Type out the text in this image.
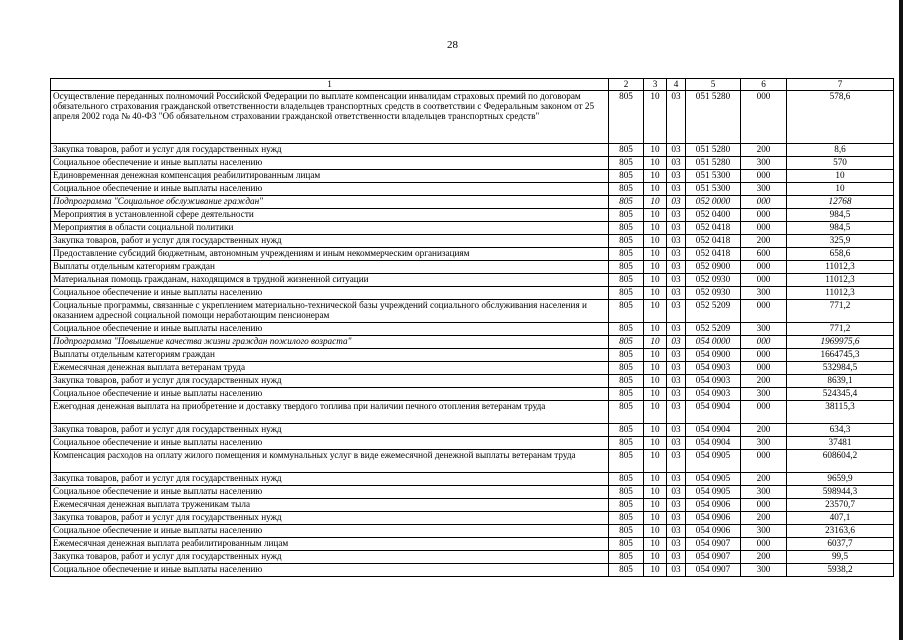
28
1	2	3	4	5	6	7
Осуществление переданных полномочий Российской Федерации по выплате компенсации инвалидам страховых премий по договорам обязательного страхования гражданской ответственности владельцев транспортных средств в соответствии с Федеральным законом от 25 апреля 2002 года № 40-ФЗ "Об обязательном страховании гражданской ответственности владельцев транспортных средств"	805	10	03	051 5280	000	578,6
Закупка товаров, работ и услуг для государственных нужд	805	10	03	051 5280	200	8,6
Социальное обеспечение и иные выплаты населению	805	10	03	051 5280	300	570
Единовременная денежная компенсация реабилитированным лицам	805	10	03	051 5300	000	10
Социальное обеспечение и иные выплаты населению	805	10	03	051 5300	300	10
Подпрограмма "Социальное обслуживание граждан"	805	10	03	052 0000	000	12768
Мероприятия в установленной сфере деятельности	805	10	03	052 0400	000	984,5
Мероприятия в области социальной политики	805	10	03	052 0418	000	984,5
Закупка товаров, работ и услуг для государственных нужд	805	10	03	052 0418	200	325,9
Предоставление субсидий бюджетным, автономным учреждениям и иным некоммерческим организациям	805	10	03	052 0418	600	658,6
Выплаты отдельным категориям граждан	805	10	03	052 0900	000	11012,3
Материальная помощь гражданам, находящимся в трудной жизненной ситуации	805	10	03	052 0930	000	11012,3
Социальное обеспечение и иные выплаты населению	805	10	03	052 0930	300	11012,3
Социальные программы, связанные с укреплением материально-технической базы учреждений социального обслуживания населения и оказанием адресной социальной помощи неработающим пенсионерам	805	10	03	052 5209	000	771,2
Социальное обеспечение и иные выплаты населению	805	10	03	052 5209	300	771,2
Подпрограмма "Повышение качества жизни граждан пожилого возраста"	805	10	03	054 0000	000	1969975,6
Выплаты отдельным категориям граждан	805	10	03	054 0900	000	1664745,3
Ежемесячная денежная выплата ветеранам труда	805	10	03	054 0903	000	532984,5
Закупка товаров, работ и услуг для государственных нужд	805	10	03	054 0903	200	8639,1
Социальное обеспечение и иные выплаты населению	805	10	03	054 0903	300	524345,4
Ежегодная денежная выплата на приобретение и доставку твердого топлива при наличии печного отопления ветеранам труда	805	10	03	054 0904	000	38115,3
Закупка товаров, работ и услуг для государственных нужд	805	10	03	054 0904	200	634,3
Социальное обеспечение и иные выплаты населению	805	10	03	054 0904	300	37481
Компенсация расходов на оплату жилого помещения и коммунальных услуг в виде ежемесячной денежной выплаты ветеранам труда	805	10	03	054 0905	000	608604,2
Закупка товаров, работ и услуг для государственных нужд	805	10	03	054 0905	200	9659,9
Социальное обеспечение и иные выплаты населению	805	10	03	054 0905	300	598944,3
Ежемесячная денежная выплата труженикам тыла	805	10	03	054 0906	000	23570,7
Закупка товаров, работ и услуг для государственных нужд	805	10	03	054 0906	200	407,1
Социальное обеспечение и иные выплаты населению	805	10	03	054 0906	300	23163,6
Ежемесячная денежная выплата реабилитированным лицам	805	10	03	054 0907	000	6037,7
Закупка товаров, работ и услуг для государственных нужд	805	10	03	054 0907	200	99,5
Социальное обеспечение и иные выплаты населению	805	10	03	054 0907	300	5938,2
